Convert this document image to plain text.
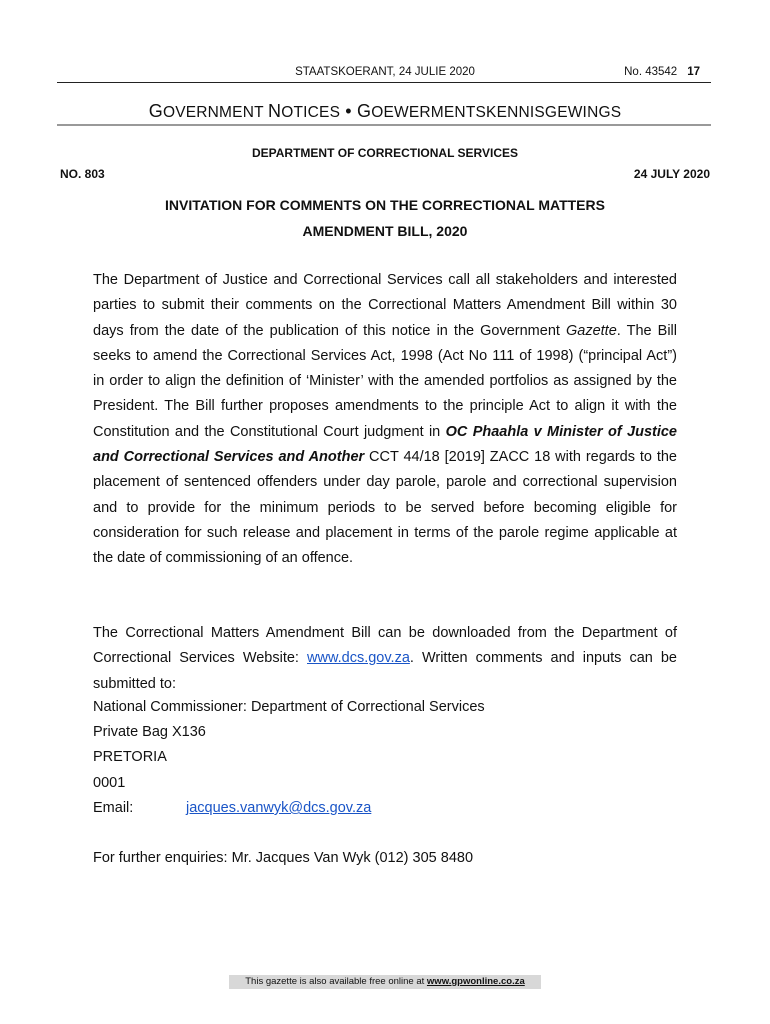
STAATSKOERANT, 24 JULIE 2020	No. 43542 17
GOVERNMENT NOTICES • GOEWERMENTSKENNISGEWINGS
DEPARTMENT OF CORRECTIONAL SERVICES
NO. 803	24 JULY 2020
INVITATION FOR COMMENTS ON THE CORRECTIONAL MATTERS
AMENDMENT BILL, 2020

The Department of Justice and Correctional Services call all stakeholders and interested parties to submit their comments on the Correctional Matters Amendment Bill within 30 days from the date of the publication of this notice in the Government Gazette. The Bill seeks to amend the Correctional Services Act, 1998 (Act No 111 of 1998) (“principal Act”) in order to align the definition of ‘Minister’ with the amended portfolios as assigned by the President. The Bill further proposes amendments to the principle Act to align it with the Constitution and the Constitutional Court judgment in OC Phaahla v Minister of Justice and Correctional Services and Another CCT 44/18 [2019] ZACC 18 with regards to the placement of sentenced offenders under day parole, parole and correctional supervision and to provide for the minimum periods to be served before becoming eligible for consideration for such release and placement in terms of the parole regime applicable at the date of commissioning of an offence.

The Correctional Matters Amendment Bill can be downloaded from the Department of Correctional Services Website: www.dcs.gov.za. Written comments and inputs can be submitted to:

National Commissioner: Department of Correctional Services
Private Bag X136
PRETORIA
0001
Email:	jacques.vanwyk@dcs.gov.za
For further enquiries: Mr. Jacques Van Wyk (012) 305 8480
This gazette is also available free online at www.gpwonline.co.za
